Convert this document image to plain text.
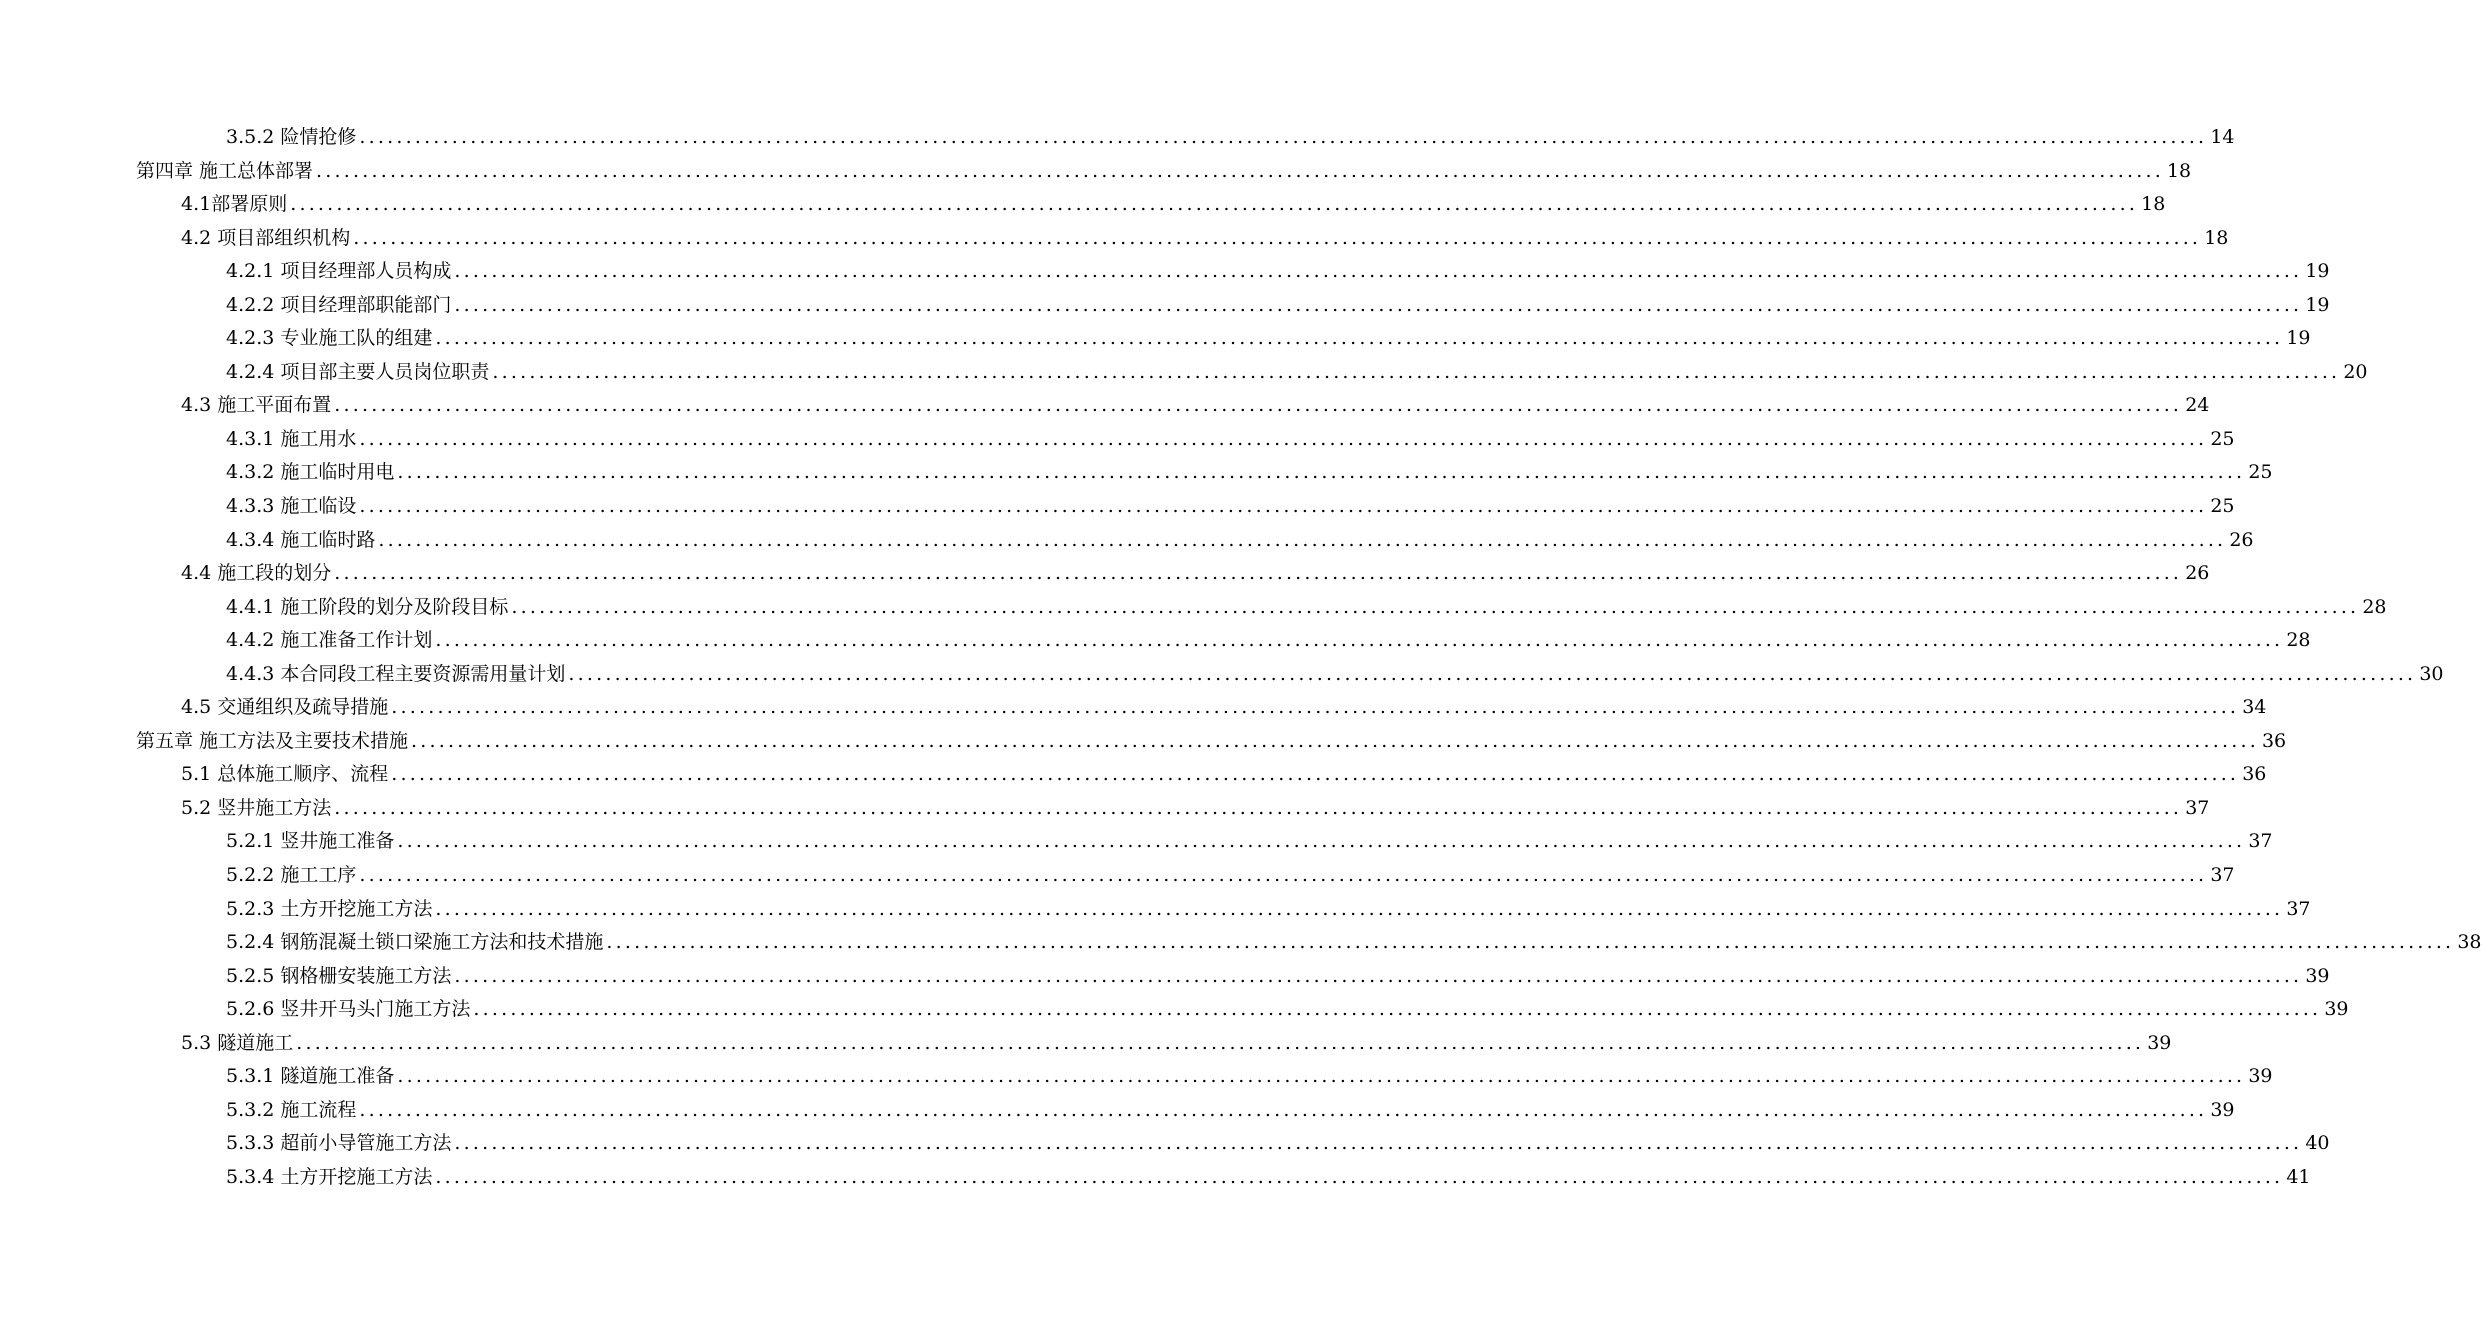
3.5.2 险情抢修 ........................................................................................................................................................................................................ 14
第四章 施工总体部署 ........................................................................................................................................................................................................ 18
4.1部署原则 ........................................................................................................................................................................................................ 18
4.2 项目部组织机构 ........................................................................................................................................................................................................ 18
4.2.1 项目经理部人员构成 ........................................................................................................................................................................................................ 19
4.2.2 项目经理部职能部门 ........................................................................................................................................................................................................ 19
4.2.3 专业施工队的组建 ........................................................................................................................................................................................................ 19
4.2.4 项目部主要人员岗位职责 ........................................................................................................................................................................................................ 20
4.3 施工平面布置 ........................................................................................................................................................................................................ 24
4.3.1 施工用水 ........................................................................................................................................................................................................ 25
4.3.2 施工临时用电 ........................................................................................................................................................................................................ 25
4.3.3 施工临设 ........................................................................................................................................................................................................ 25
4.3.4 施工临时路 ........................................................................................................................................................................................................ 26
4.4 施工段的划分 ........................................................................................................................................................................................................ 26
4.4.1 施工阶段的划分及阶段目标 ........................................................................................................................................................................................................ 28
4.4.2 施工准备工作计划 ........................................................................................................................................................................................................ 28
4.4.3 本合同段工程主要资源需用量计划 ........................................................................................................................................................................................................ 30
4.5 交通组织及疏导措施 ........................................................................................................................................................................................................ 34
第五章 施工方法及主要技术措施 ........................................................................................................................................................................................................ 36
5.1 总体施工顺序、流程 ........................................................................................................................................................................................................ 36
5.2 竖井施工方法 ........................................................................................................................................................................................................ 37
5.2.1 竖井施工准备 ........................................................................................................................................................................................................ 37
5.2.2 施工工序 ........................................................................................................................................................................................................ 37
5.2.3 土方开挖施工方法 ........................................................................................................................................................................................................ 37
5.2.4 钢筋混凝土锁口梁施工方法和技术措施 ........................................................................................................................................................................................................ 38
5.2.5 钢格栅安装施工方法 ........................................................................................................................................................................................................ 39
5.2.6 竖井开马头门施工方法 ........................................................................................................................................................................................................ 39
5.3 隧道施工 ........................................................................................................................................................................................................ 39
5.3.1 隧道施工准备 ........................................................................................................................................................................................................ 39
5.3.2 施工流程 ........................................................................................................................................................................................................ 39
5.3.3 超前小导管施工方法 ........................................................................................................................................................................................................ 40
5.3.4 土方开挖施工方法 ........................................................................................................................................................................................................ 41
